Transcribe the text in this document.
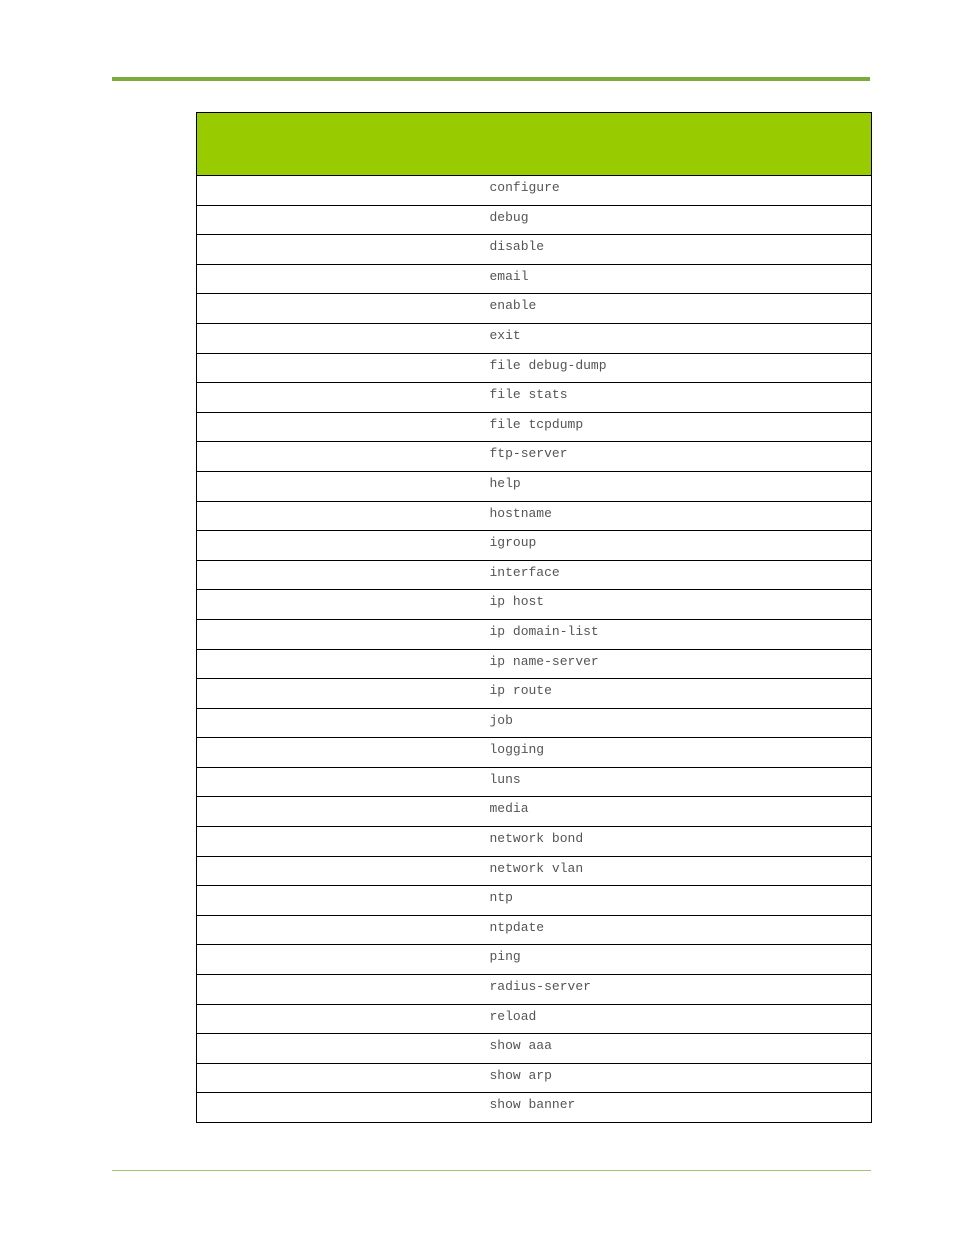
	configure
	debug
	disable
	email
	enable
	exit
	file debug-dump
	file stats
	file tcpdump
	ftp-server
	help
	hostname
	igroup
	interface
	ip host
	ip domain-list
	ip name-server
	ip route
	job
	logging
	luns
	media
	network bond
	network vlan
	ntp
	ntpdate
	ping
	radius-server
	reload
	show aaa
	show arp
	show banner
